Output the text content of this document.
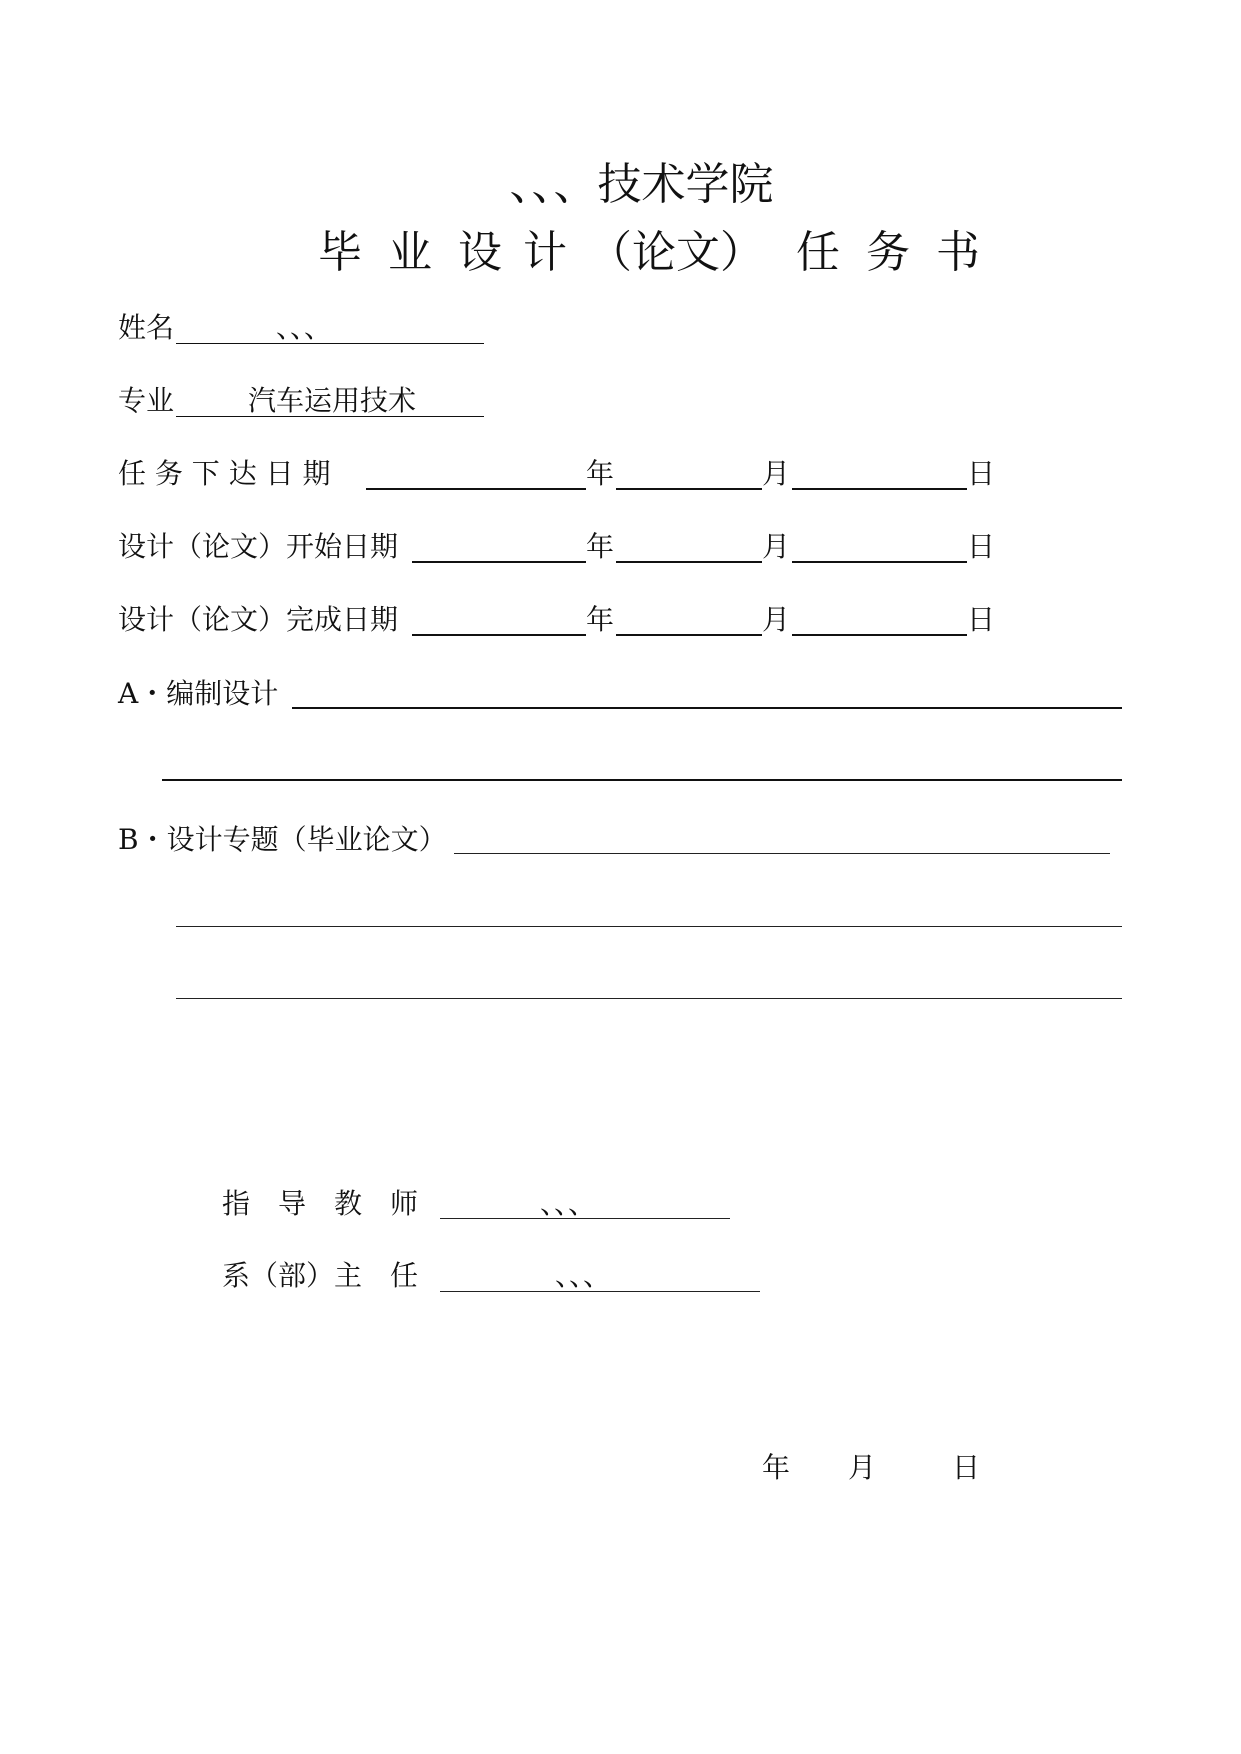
、、、技术学院
毕 业 设 计 （论文） 任 务 书
姓名	、、、
专业	汽车运用技术
任 务 下 达 日 期	年	月	日
设计（论文）开始日期	年	月	日
设计（论文）完成日期	年	月	日
A・编制设计
B・设计专题（毕业论文）
指　导　教　师	、、、
系（部）主　任	、、、
年 月	日
